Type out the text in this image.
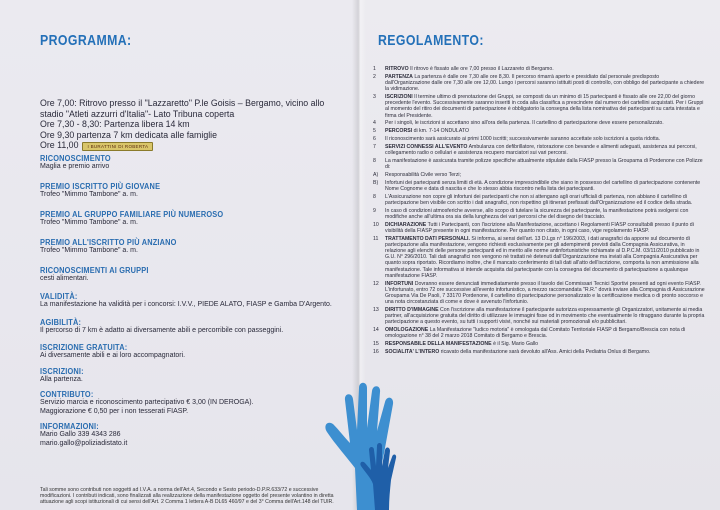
PROGRAMMA:
Ore 7,00: Ritrovo presso il "Lazzaretto" P.le Goisis – Bergamo, vicino allo stadio "Atleti azzurri d'Italia"- Lato Tribuna coperta
Ore 7,30 - 8,30: Partenza libera 14 km
Ore 9,30 partenza 7 km dedicata alle famiglie
Ore 11,00 I BURATTINI DI ROBERTA
RICONOSCIMENTO

Maglia e premio arrivo

PREMIO ISCRITTO PIÙ GIOVANE

Trofeo "Mimmo Tambone" a. m.

PREMIO AL GRUPPO FAMILIARE PIÙ NUMEROSO

Trofeo "Mimmo Tambone" a. m.

PREMIO ALL'ISCRITTO PIÙ ANZIANO

Trofeo "Mimmo Tambone" a. m.

RICONOSCIMENTI AI GRUPPI

cesti alimentari.

VALIDITÀ:

La manifestazione ha validità per i concorsi: I.V.V., PIEDE ALATO, FIASP e Gamba D'Argento.

AGIBILITÀ:

Il percorso di 7 km è adatto ai diversamente abili e percorribile con passeggini.

ISCRIZIONE GRATUITA:

Ai diversamente abili e ai loro accompagnatori.

ISCRIZIONI:

Alla partenza.

CONTRIBUTO:

Servizio marcia e riconoscimento partecipativo € 3,00 (IN DEROGA).

Maggiorazione € 0,50 per i non tesserati FIASP.

INFORMAZIONI:

Mario Gallo 339 4343 286

mario.gallo@poliziadistato.it

Tali somme sono contributi non soggetti ad I.V.A. a norma dell'Art.4, Secondo e Sesto periodo-D.P.R.633/72 e successive modificazioni. I contributi indicati, sono finalizzati alla realizzazione della manifestazione oggetto del presente volantino in diretta attuazione agli scopi istituzionali di cui sensi dell'Art. 2 Comma 1 lettera A-B DL65 460/97 e del 3° Comma dell'Art.148 del TUIR.
REGOLAMENTO:
1	RITROVO Il ritrovo è fissato alle ore 7,00 presso il Lazzareto di Bergamo.
2	PARTENZA La partenza è dalle ore 7,30 alle ore 8,30. Il percorso rimarrà aperto e presidiato dal personale predisposto dall'Organizzazione dalle ore 7,30 alle ore 12,00. Lungo i percorsi saranno istituiti posti di controllo, con obbligo del partecipante a chiedere la vidimazione.
3	ISCRIZIONI Il termine ultimo di prenotazione dei Gruppi, se composti da un minimo di 15 partecipanti è fissato alle ore 22,00 del giorno precedente l'evento. Successivamente saranno inseriti in coda alla classifica a prescindere dal numero dei cartellini acquistati. Per i Gruppi al momento del ritiro dei documenti di partecipazione è obbligatorio la consegna della lista nominativa dei partecipanti su carta intestata e firma del Presidente.
4	Per i singoli, le iscrizioni si accettano sino all'ora della partenza. Il cartellino di partecipazione deve essere personalizzato.
5	PERCORSI di km. 7-14 ONDULATO
6	Il riconoscimento sarà assicurato ai primi 1000 iscritti; successivamente saranno accettate solo iscrizioni a quota ridotta.
7	SERVIZI CONNESSI ALL'EVENTO Ambulanza con defibrillatore, ristorazione con bevande e alimenti adeguati, assistenza sui percorsi, collegamento radio o cellulari e assistenza recupero marciatori sui vari percorsi.
8	La manifestazione è assicurata tramite polizze specifiche attualmente stipulate dalla FIASP presso la Groupama di Pordenone con Polizze di:
A)	Responsabilità Civile verso Terzi;
B)	Infortuni dei partecipanti senza limiti di età. A condizione imprescindibile che siano in possesso del cartellino di partecipazione contenente Nome Cognome e data di nascita e che lo stesso abbia riscontro nella lista dei partecipanti.
8	L'Assicurazione non copre gli infortuni dei partecipanti che non si attengano agli orari ufficiali di partenza, non abbiano il cartellino di partecipazione ben visibile con scritto i dati anagrafici, non rispettino gli itinerari prefissati dall'Organizzazione ed il codice della strada.
9	In caso di condizioni atmosferiche avverse, allo scopo di tutelare la sicurezza dei partecipante, la manifestazione potrà svolgersi con modifiche anche all'ultima ora sia della lunghezza dei vari percorsi che del disegno del tracciato.
10	DICHIARAZIONE Tutti i Partecipanti, con l'iscrizione alla Manifestazione, accettano i Regolamenti FIASP consultabili presso il punto di visibilità della FIASP presente in ogni manifestazione. Per quanto non citato, in ogni caso, vige regolamento FIASP.
11	TRATTAMENTO DATI PERSONALI. Si informa, ai sensi dell'art. 13 D.Lgs n° 196/2003, i dati anagrafici da apporre sul documento di partecipazione alla manifestazione, vengono richiesti esclusivamente per gli adempimenti previsti dalla Compagnia Assicurativa, in relazione agli elenchi delle persone partecipanti ed in merito alle norme antinfortunistiche richiamate al D.P.C.M. 03/11/2010 pubblicato in G.U. N° 296/2010. Tali dati anagrafici non vengono nè trattati nè detenuti dall'Organizzazione ma inviati alla Compagnia Assicurativa per quanto sopra riportato. Ricordiamo inoltre, che il mancato conferimento di tali dati all'atto dell'iscrizione, comporta la non ammissione alla manifestazione. Tale informativa si intende acquisita dal partecipante con la consegna del documento di partecipazione a qualunque manifestazione FIASP.
12	INFORTUNI Dovranno essere denunciati immediatamente presso il tavolo dei Commissari Tecnici Sportivi presenti ad ogni evento FIASP. L'infortunato, entro 72 ore successive all'evento infortunistico, a mezzo raccomandata "R.R." dovrà inviare alla Compagnia di Assicurazione Groupama Via De Paoli, 7 33170 Pordenone, il cartellino di partecipazione personalizzato e la certificazione medica o di pronto soccorso e una nota circostanziata di come e dove è avvenuto l'infortunio.
13	DIRITTO D'IMMAGINE Con l'iscrizione alla manifestazione il partecipante autorizza espressamente gli Organizzatori, unitamente ai media partner, all'acquisizione gratuita del diritto di utilizzare le immagini fisse od in movimento che eventualmente lo ritraggano durante la propria partecipazione a questo evento, su tutti i supporti visivi, nonché sui materiali promozionali e/o pubblicitari.
14	OMOLOGAZIONE La Manifestazione "ludico motoria" è omologata dal Comitato Territoriale FIASP di Bergamo/Brescia con nota di omologazione n° 38 del 2 marzo 2018 Comitato di Bergamo e Brescia.
15	RESPONSABILE DELLA MANIFESTAZIONE è il Sig. Mario Gallo
16	SOCIALITA' L'INTERO ricavato della manifestazione sarà devoluto all'Ass. Amici della Pediatria Onlus di Bergamo.
